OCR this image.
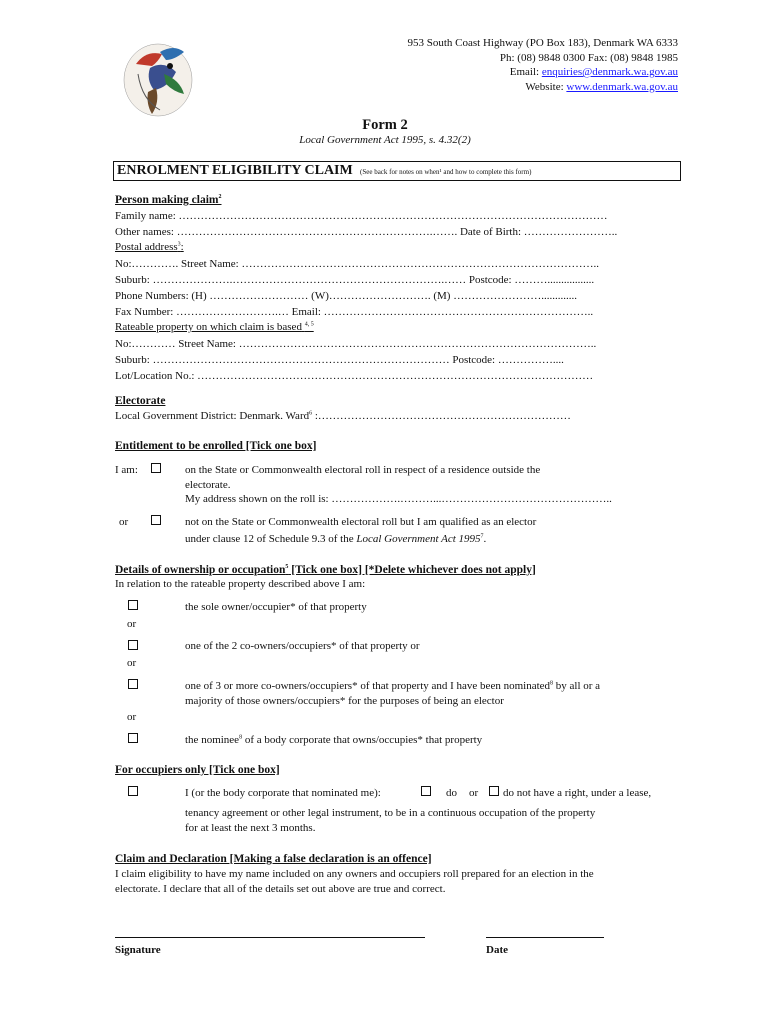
953 South Coast Highway (PO Box 183), Denmark WA 6333
Ph: (08) 9848 0300 Fax: (08) 9848 1985
Email: enquiries@denmark.wa.gov.au
Website: www.denmark.wa.gov.au
Form 2
Local Government Act 1995, s. 4.32(2)
ENROLMENT ELIGIBILITY CLAIM (See back for notes on when¹ and how to complete this form)
Person making claim$^2$
Family name: ………………………………………………………………………………………………………
Other names: …………………………………………………………….……. Date of Birth: ……………………..
Postal address$^3$:
No:…………. Street Name: ……………………………………………………………………………………..
Suburb: ………………….………………………………………………….…… Postcode: ……….................
Phone Numbers: (H) ……………………… (W)………………………. (M) …………………….............
Fax Number: ……………………….… Email: ………………………………………………………………..
Rateable property on which claim is based $^{4, 5}$
No:………… Street Name: ……………………………………………………………………………………..
Suburb: ……………………………………………………………………… Postcode: ……………....
Lot/Location No.: ………………………………………………………………………………………………
Electorate
Local Government District: Denmark. Ward$^6$ :……………………………………………………………
Entitlement to be enrolled [Tick one box]
I am:	on the State or Commonwealth electoral roll in respect of a residence outside the
electorate.
My address shown on the roll is: ……………….………...………………………………………..
or	not on the State or Commonwealth electoral roll but I am qualified as an elector
under clause 12 of Schedule 9.3 of the Local Government Act 1995$^7$.
Details of ownership or occupation$^5$ [Tick one box] [*Delete whichever does not apply]
In relation to the rateable property described above I am:
the sole owner/occupier* of that property
or
one of the 2 co-owners/occupiers* of that property or
or
one of 3 or more co-owners/occupiers* of that property and I have been nominated$^8$ by all or a
majority of those owners/occupiers* for the purposes of being an elector
or
the nominee$^8$ of a body corporate that owns/occupies* that property
For occupiers only [Tick one box]
I (or the body corporate that nominated me):	do or do not have a right, under a lease,
tenancy agreement or other legal instrument, to be in a continuous occupation of the property
for at least the next 3 months.
Claim and Declaration [Making a false declaration is an offence]
I claim eligibility to have my name included on any owners and occupiers roll prepared for an election in the
electorate. I declare that all of the details set out above are true and correct.
Signature	Date
